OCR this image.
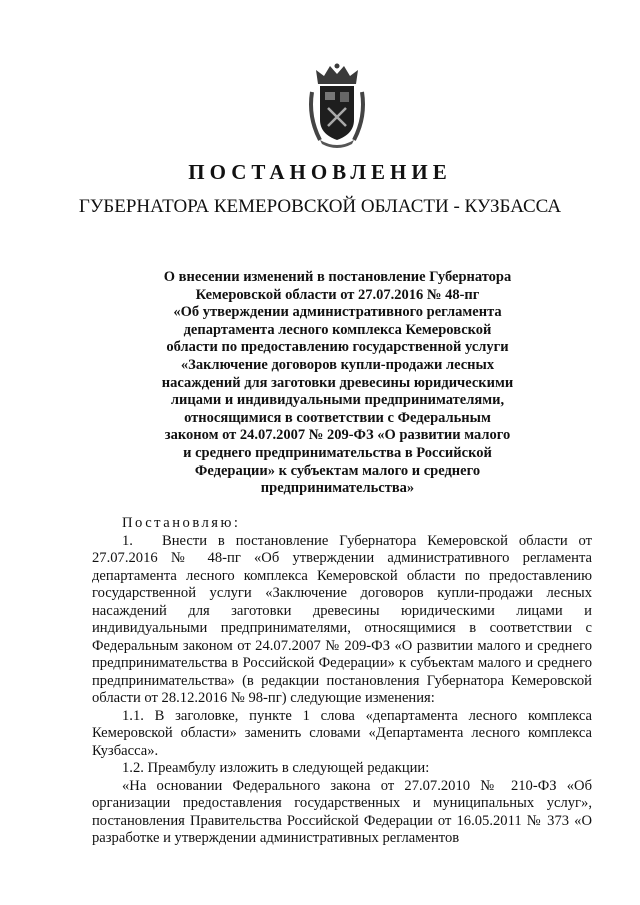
ПОСТАНОВЛЕНИЕ
ГУБЕРНАТОРА КЕМЕРОВСКОЙ ОБЛАСТИ - КУЗБАССА
О внесении изменений в постановление Губернатора
Кемеровской области от 27.07.2016 № 48-пг
«Об утверждении административного регламента
департамента лесного комплекса Кемеровской
области по предоставлению государственной услуги
«Заключение договоров купли-продажи лесных
насаждений для заготовки древесины юридическими
лицами и индивидуальными предпринимателями,
относящимися в соответствии с Федеральным
законом от 24.07.2007 № 209-ФЗ «О развитии малого
и среднего предпринимательства в Российской
Федерации» к субъектам малого и среднего
предпринимательства»

Постановляю:

1. Внести в постановление Губернатора Кемеровской области от 27.07.2016 № 48-пг «Об утверждении административного регламента департамента лесного комплекса Кемеровской области по предоставлению государственной услуги «Заключение договоров купли-продажи лесных насаждений для заготовки древесины юридическими лицами и индивидуальными предпринимателями, относящимися в соответствии с Федеральным законом от 24.07.2007 № 209-ФЗ «О развитии малого и среднего предпринимательства в Российской Федерации» к субъектам малого и среднего предпринимательства» (в редакции постановления Губернатора Кемеровской области от 28.12.2016 № 98-пг) следующие изменения:

1.1. В заголовке, пункте 1 слова «департамента лесного комплекса Кемеровской области» заменить словами «Департамента лесного комплекса Кузбасса».

1.2. Преамбулу изложить в следующей редакции:

«На основании Федерального закона от 27.07.2010 № 210-ФЗ «Об организации предоставления государственных и муниципальных услуг», постановления Правительства Российской Федерации от 16.05.2011 № 373 «О разработке и утверждении административных регламентов
